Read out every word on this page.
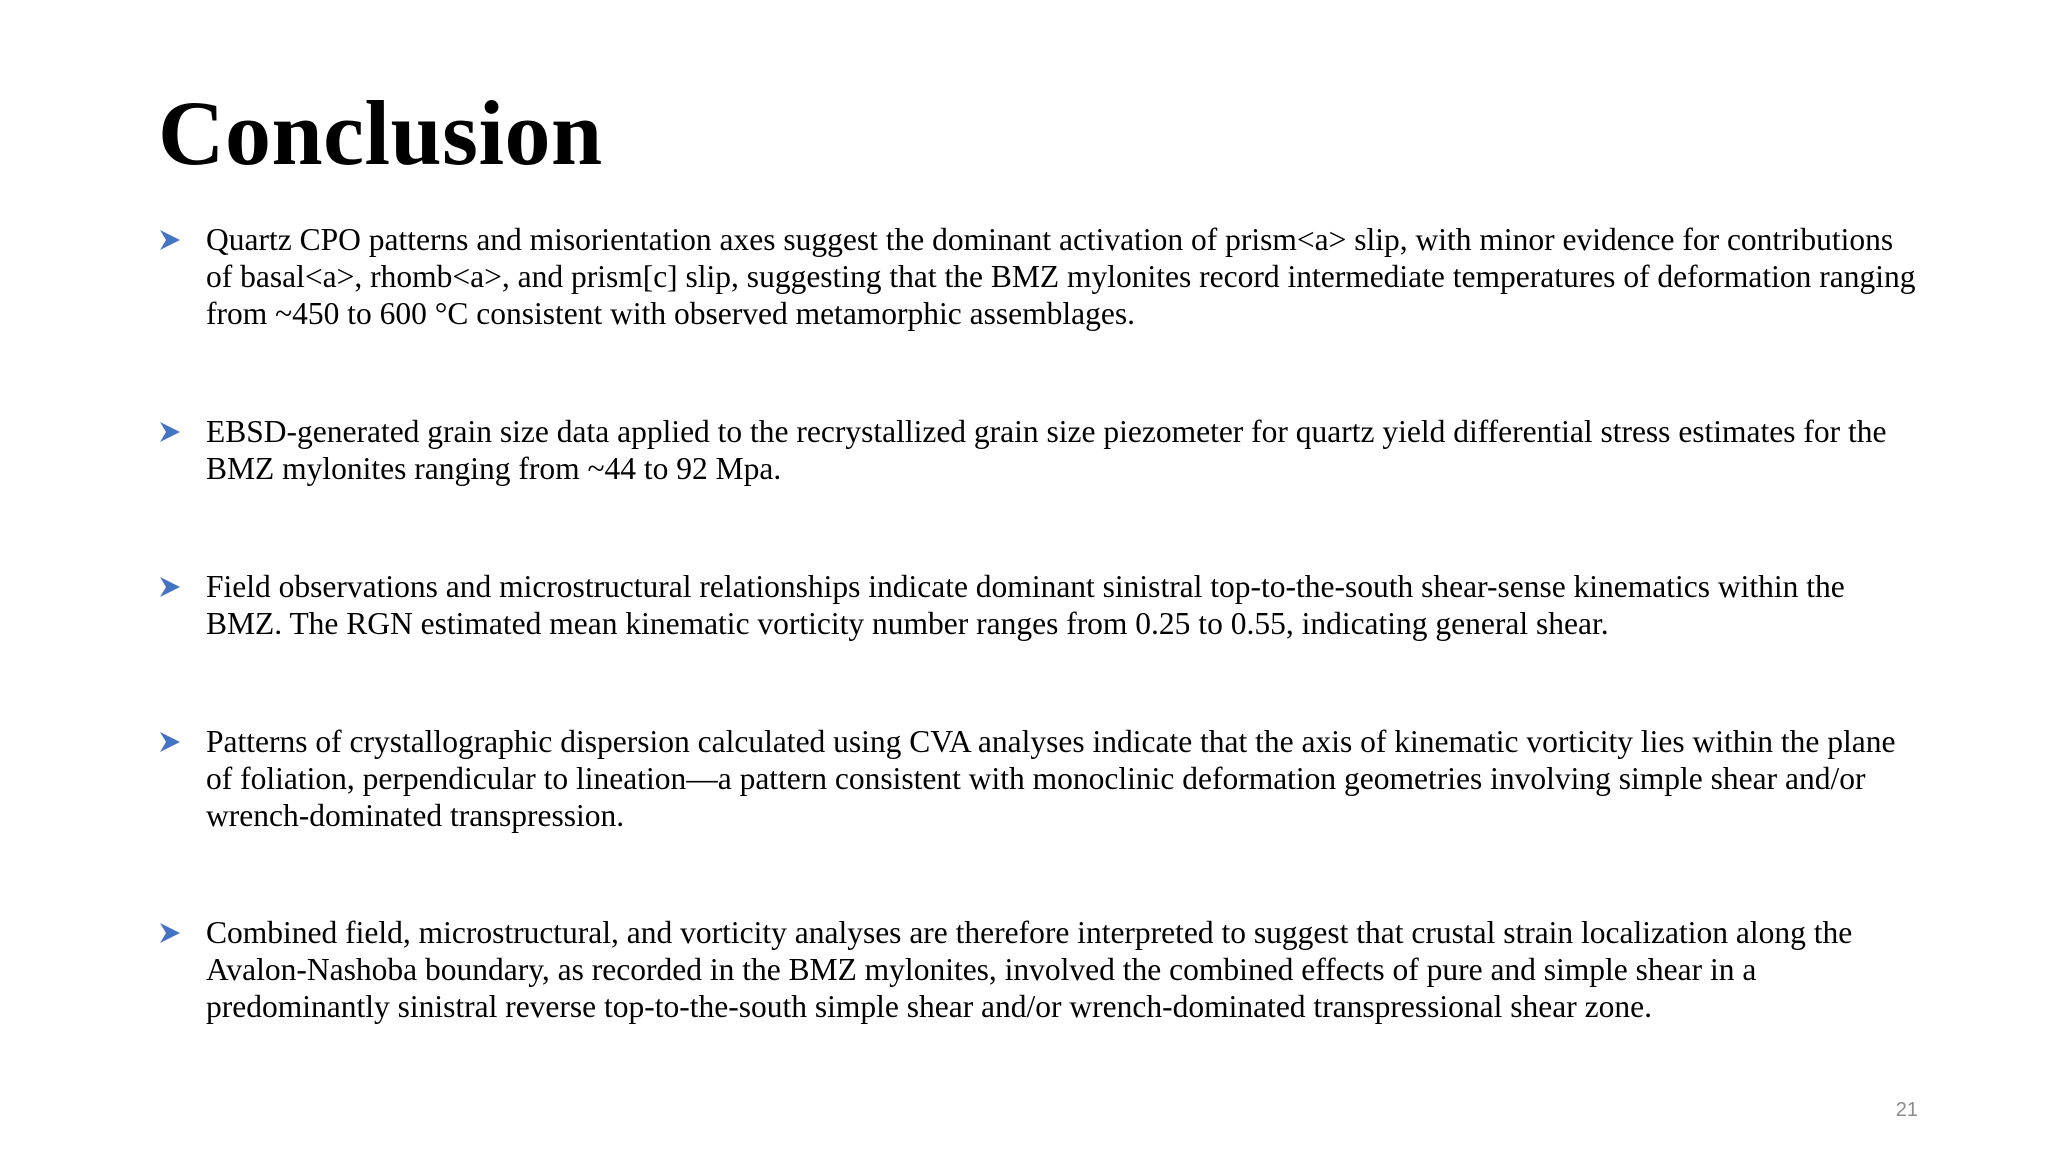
Conclusion
Quartz CPO patterns and misorientation axes suggest the dominant activation of prism<a> slip, with minor evidence for contributions of basal<a>, rhomb<a>, and prism[c] slip, suggesting that the BMZ mylonites record intermediate temperatures of deformation ranging from ~450 to 600 °C consistent with observed metamorphic assemblages.
EBSD-generated grain size data applied to the recrystallized grain size piezometer for quartz yield differential stress estimates for the BMZ mylonites ranging from ~44 to 92 Mpa.
Field observations and microstructural relationships indicate dominant sinistral top-to-the-south shear-sense kinematics within the BMZ. The RGN estimated mean kinematic vorticity number ranges from 0.25 to 0.55, indicating general shear.
Patterns of crystallographic dispersion calculated using CVA analyses indicate that the axis of kinematic vorticity lies within the plane of foliation, perpendicular to lineation—a pattern consistent with monoclinic deformation geometries involving simple shear and/or wrench-dominated transpression.
Combined field, microstructural, and vorticity analyses are therefore interpreted to suggest that crustal strain localization along the Avalon-Nashoba boundary, as recorded in the BMZ mylonites, involved the combined effects of pure and simple shear in a predominantly sinistral reverse top-to-the-south simple shear and/or wrench-dominated transpressional shear zone.
21
